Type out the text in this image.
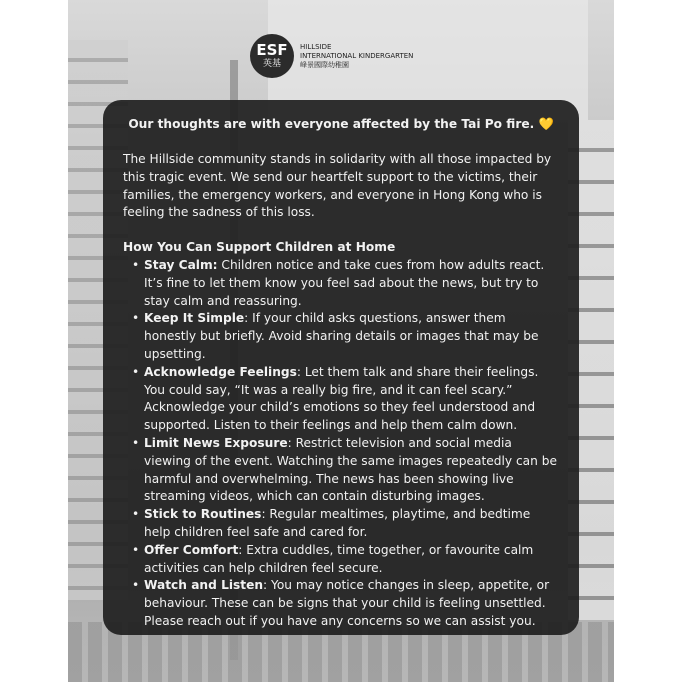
ESF
英基
HILLSIDE
INTERNATIONAL KINDERGARTEN
峰景國際幼稚園
Our thoughts are with everyone affected by the Tai Po fire. 💛
The Hillside community stands in solidarity with all those impacted by this tragic event. We send our heartfelt support to the victims, their families, the emergency workers, and everyone in Hong Kong who is feeling the sadness of this loss.
How You Can Support Children at Home
• Stay Calm: Children notice and take cues from how adults react. It’s fine to let them know you feel sad about the news, but try to stay calm and reassuring.
• Keep It Simple: If your child asks questions, answer them honestly but briefly. Avoid sharing details or images that may be upsetting.
• Acknowledge Feelings: Let them talk and share their feelings. You could say, “It was a really big fire, and it can feel scary.” Acknowledge your child’s emotions so they feel understood and supported. Listen to their feelings and help them calm down.
• Limit News Exposure: Restrict television and social media viewing of the event. Watching the same images repeatedly can be harmful and overwhelming. The news has been showing live streaming videos, which can contain disturbing images.
• Stick to Routines: Regular mealtimes, playtime, and bedtime help children feel safe and cared for.
• Offer Comfort: Extra cuddles, time together, or favourite calm activities can help children feel secure.
• Watch and Listen: You may notice changes in sleep, appetite, or behaviour. These can be signs that your child is feeling unsettled. Please reach out if you have any concerns so we can assist you.
